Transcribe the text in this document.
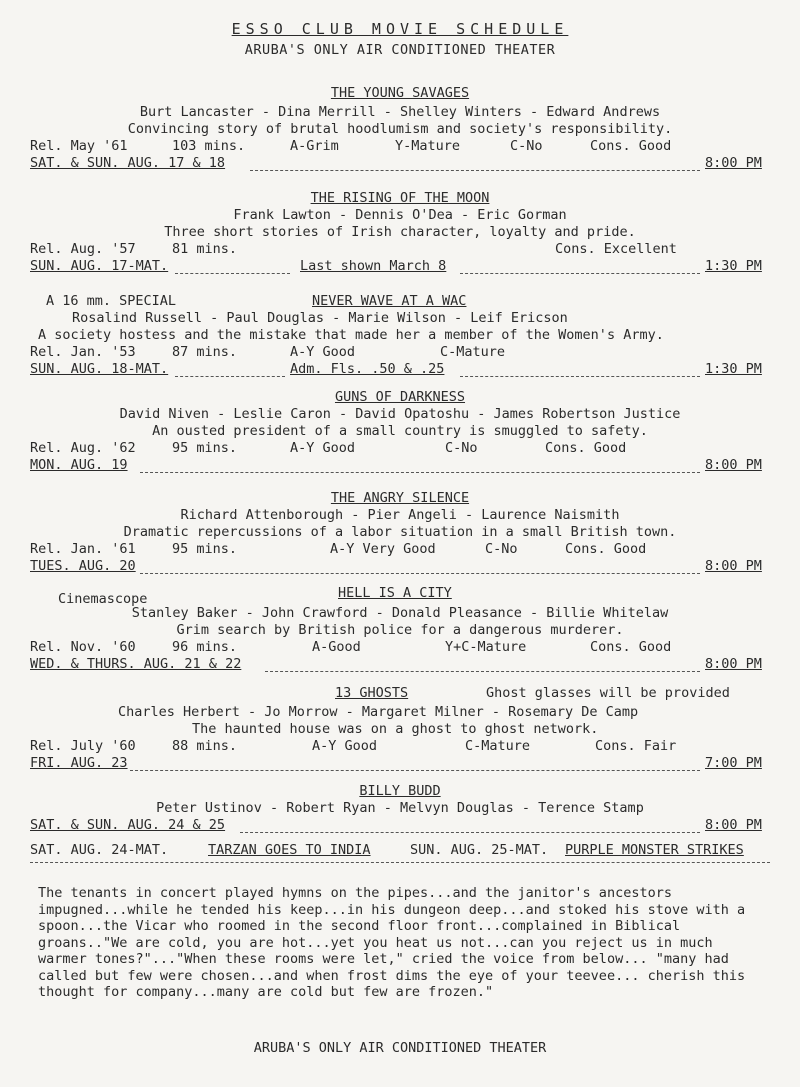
ESSO CLUB MOVIE SCHEDULE
ARUBA'S ONLY AIR CONDITIONED THEATER
THE YOUNG SAVAGES
Burt Lancaster - Dina Merrill - Shelley Winters - Edward Andrews
Convincing story of brutal hoodlumism and society's responsibility.
Rel. May '61	103 mins.	A-Grim	Y-Mature	C-No	Cons. Good
SAT. & SUN. AUG. 17 & 18	8:00 PM
THE RISING OF THE MOON
Frank Lawton - Dennis O'Dea - Eric Gorman
Three short stories of Irish character, loyalty and pride.
Rel. Aug. '57	81 mins.	Cons. Excellent
SUN. AUG. 17-MAT.	Last shown March 8	1:30 PM
A 16 mm. SPECIAL	NEVER WAVE AT A WAC
Rosalind Russell - Paul Douglas - Marie Wilson - Leif Ericson
A society hostess and the mistake that made her a member of the Women's Army.
Rel. Jan. '53	87 mins.	A-Y Good	C-Mature
SUN. AUG. 18-MAT.	Adm. Fls. .50 & .25	1:30 PM
GUNS OF DARKNESS
David Niven - Leslie Caron - David Opatoshu - James Robertson Justice
An ousted president of a small country is smuggled to safety.
Rel. Aug. '62	95 mins.	A-Y Good	C-No	Cons. Good
MON. AUG. 19	8:00 PM
THE ANGRY SILENCE
Richard Attenborough - Pier Angeli - Laurence Naismith
Dramatic repercussions of a labor situation in a small British town.
Rel. Jan. '61	95 mins.	A-Y Very Good	C-No	Cons. Good
TUES. AUG. 20	8:00 PM
Cinemascope	HELL IS A CITY
Stanley Baker - John Crawford - Donald Pleasance - Billie Whitelaw
Grim search by British police for a dangerous murderer.
Rel. Nov. '60	96 mins.	A-Good	Y+C-Mature	Cons. Good
WED. & THURS. AUG. 21 & 22	8:00 PM
13 GHOSTS	Ghost glasses will be provided
Charles Herbert - Jo Morrow - Margaret Milner - Rosemary De Camp
The haunted house was on a ghost to ghost network.
Rel. July '60	88 mins.	A-Y Good	C-Mature	Cons. Fair
FRI. AUG. 23	7:00 PM
BILLY BUDD
Peter Ustinov - Robert Ryan - Melvyn Douglas - Terence Stamp
SAT. & SUN. AUG. 24 & 25	8:00 PM
SAT. AUG. 24-MAT.	TARZAN GOES TO INDIA	SUN. AUG. 25-MAT. PURPLE MONSTER STRIKES
The tenants in concert played hymns on the pipes...and the janitor's ancestors impugned...while he tended his keep...in his dungeon deep...and stoked his stove with a spoon...the Vicar who roomed in the second floor front...complained in Biblical groans.."We are cold, you are hot...yet you heat us not...can you reject us in much warmer tones?"..."When these rooms were let," cried the voice from below... "many had called but few were chosen...and when frost dims the eye of your teevee... cherish this thought for company...many are cold but few are frozen."
ARUBA'S ONLY AIR CONDITIONED THEATER
